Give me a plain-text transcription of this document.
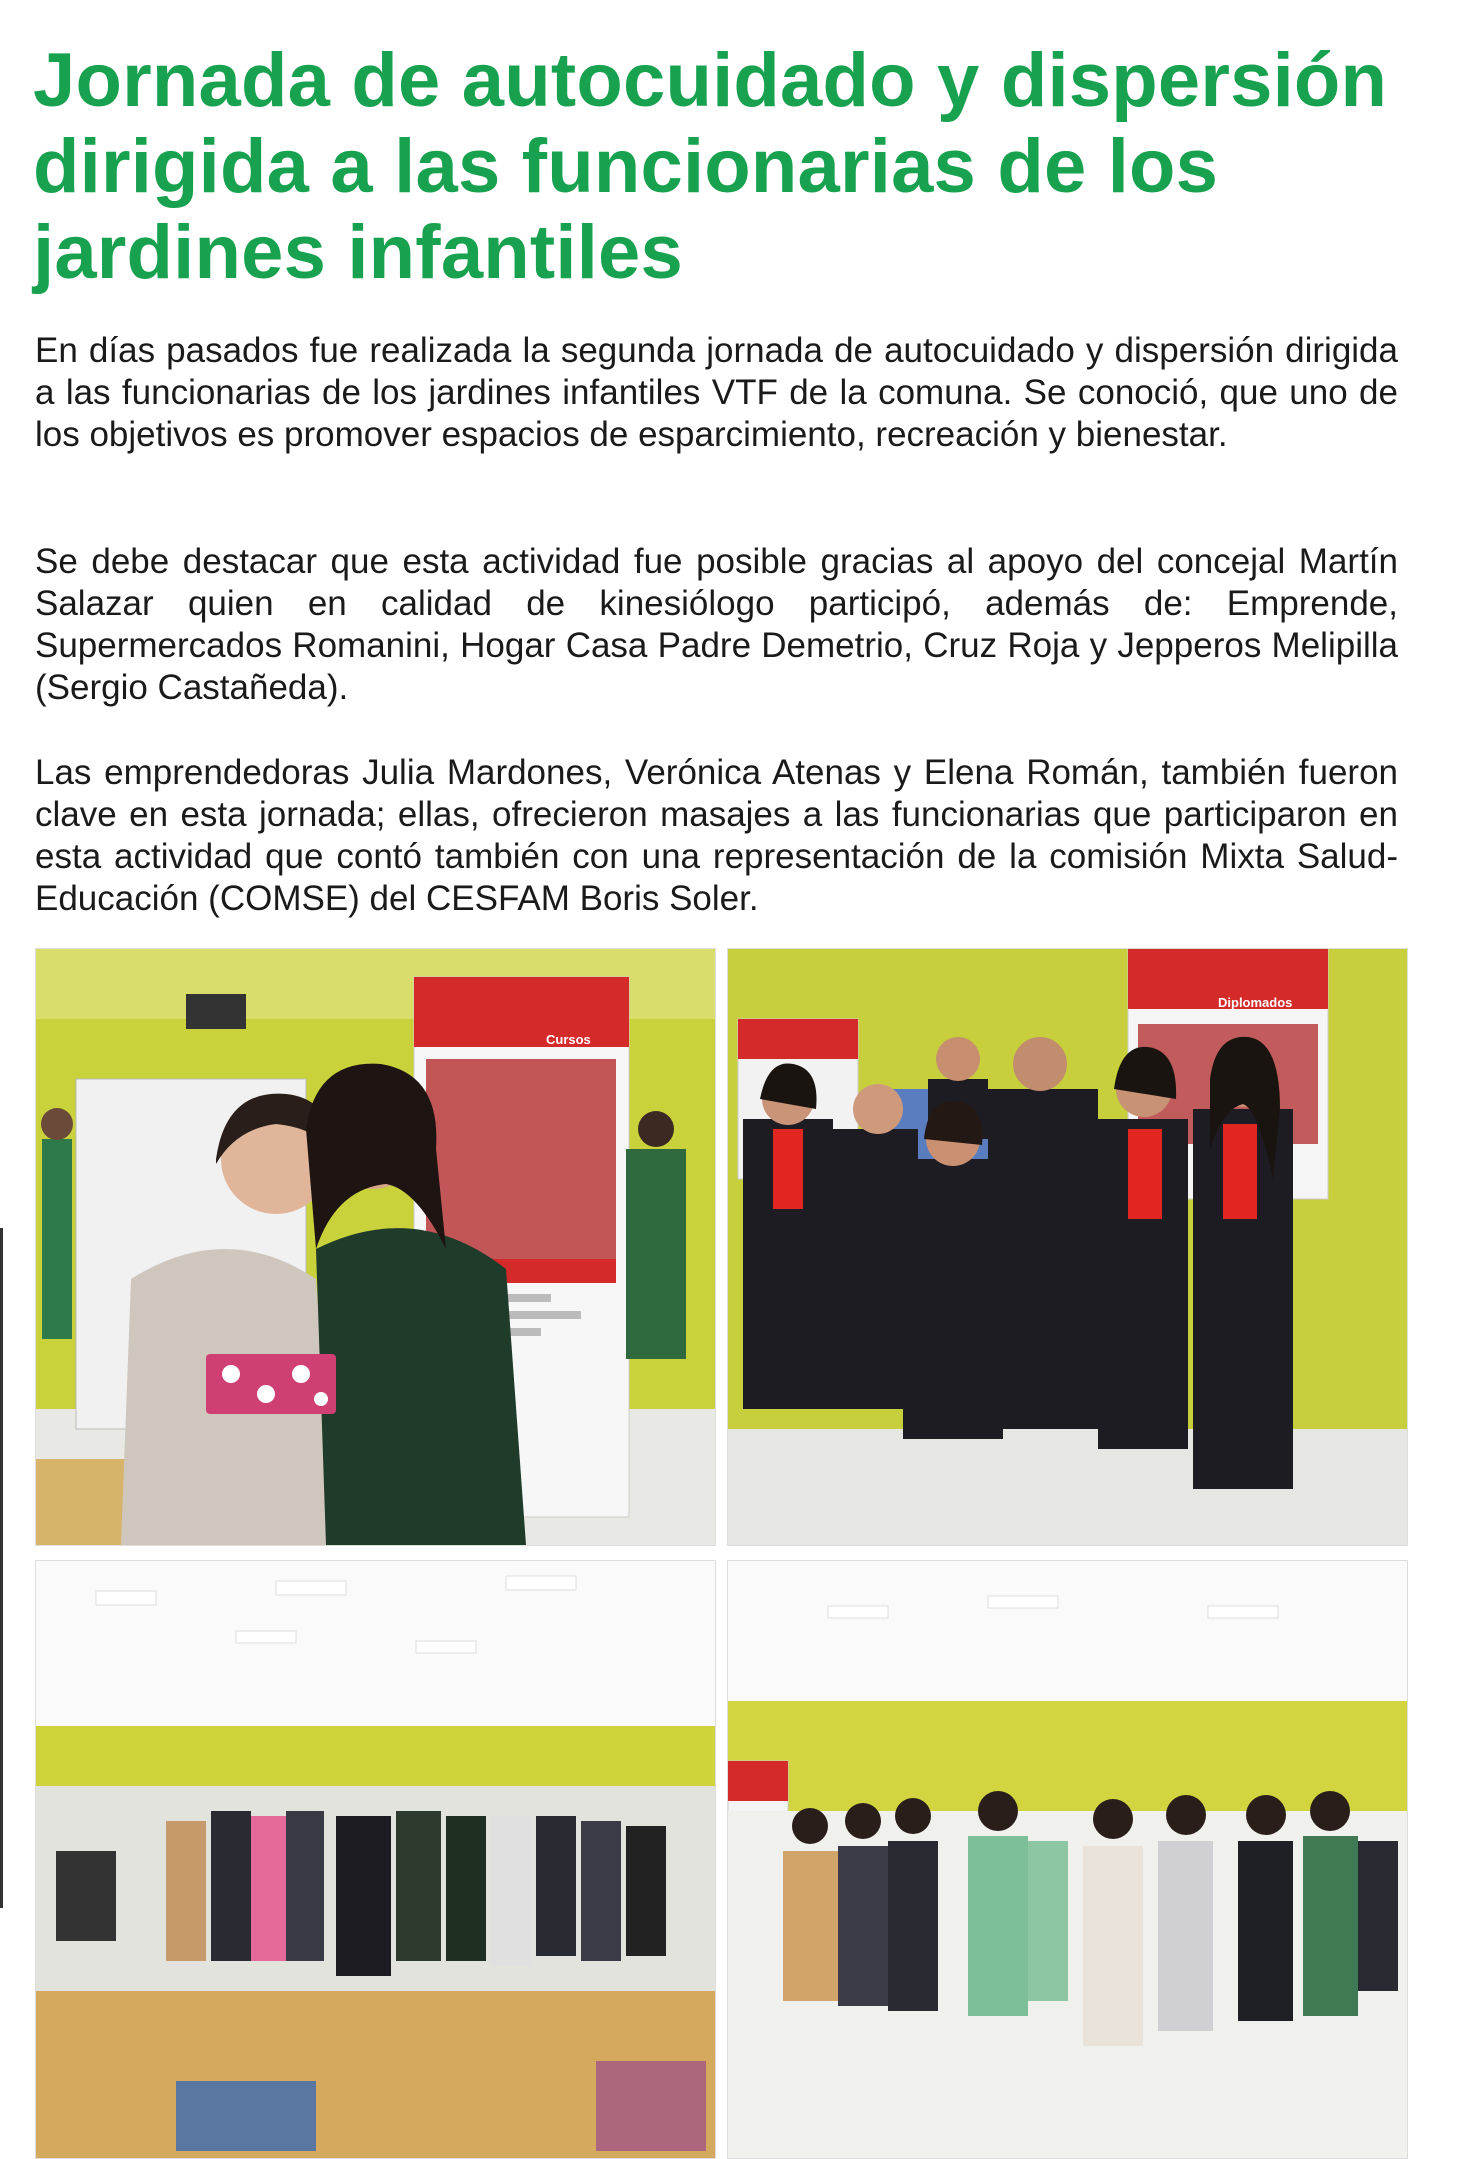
Jornada de autocuidado y dispersión dirigida a las funcionarias de los jardines infantiles

En días pasados fue realizada la segunda jornada de autocuidado y dispersión dirigida a las funcionarias de los jardines infantiles VTF de la comuna. Se conoció, que uno de los objetivos es promover espacios de esparcimiento, recreación y bienestar.

Se debe destacar que esta actividad fue posible gracias al apoyo del concejal Martín Salazar quien en calidad de kinesiólogo participó, además de: Emprende, Supermercados Romanini, Hogar Casa Padre Demetrio, Cruz Roja y Jepperos Melipilla (Sergio Castañeda).

Las emprendedoras Julia Mardones, Verónica Atenas y Elena Román, también fueron clave en esta jornada; ellas, ofrecieron masajes a las funcionarias que participaron en esta actividad que contó también con una representación de la comisión Mixta Salud-Educación (COMSE) del CESFAM Boris Soler.

Cursos
Diplomados
